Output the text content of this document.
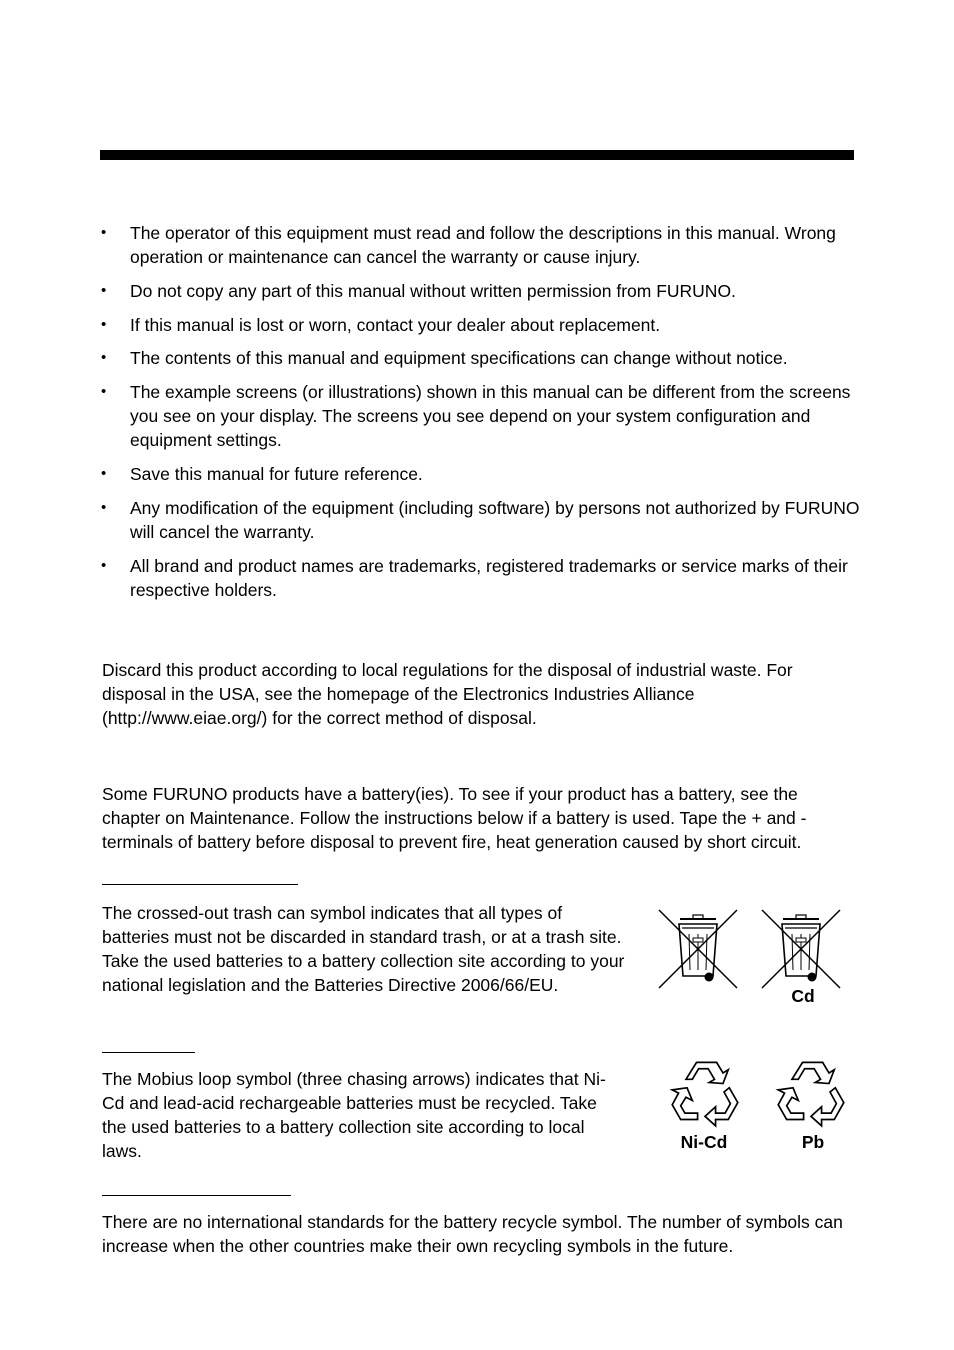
• The operator of this equipment must read and follow the descriptions in this manual. Wrong operation or maintenance can cancel the warranty or cause injury.
• Do not copy any part of this manual without written permission from FURUNO.
• If this manual is lost or worn, contact your dealer about replacement.
• The contents of this manual and equipment specifications can change without notice.
• The example screens (or illustrations) shown in this manual can be different from the screens you see on your display. The screens you see depend on your system configuration and equipment settings.
• Save this manual for future reference.
• Any modification of the equipment (including software) by persons not authorized by FURUNO will cancel the warranty.
• All brand and product names are trademarks, registered trademarks or service marks of their respective holders.
Discard this product according to local regulations for the disposal of industrial waste. For disposal in the USA, see the homepage of the Electronics Industries Alliance (http://www.eiae.org/) for the correct method of disposal.
Some FURUNO products have a battery(ies). To see if your product has a battery, see the chapter on Maintenance. Follow the instructions below if a battery is used. Tape the + and - terminals of battery before disposal to prevent fire, heat generation caused by short circuit.
The crossed-out trash can symbol indicates that all types of batteries must not be discarded in standard trash, or at a trash site. Take the used batteries to a battery collection site according to your national legislation and the Batteries Directive 2006/66/EU.
Cd
The Mobius loop symbol (three chasing arrows) indicates that Ni-Cd and lead-acid rechargeable batteries must be recycled. Take the used batteries to a battery collection site according to local laws.	Ni-Cd	Pb
There are no international standards for the battery recycle symbol. The number of symbols can increase when the other countries make their own recycling symbols in the future.
